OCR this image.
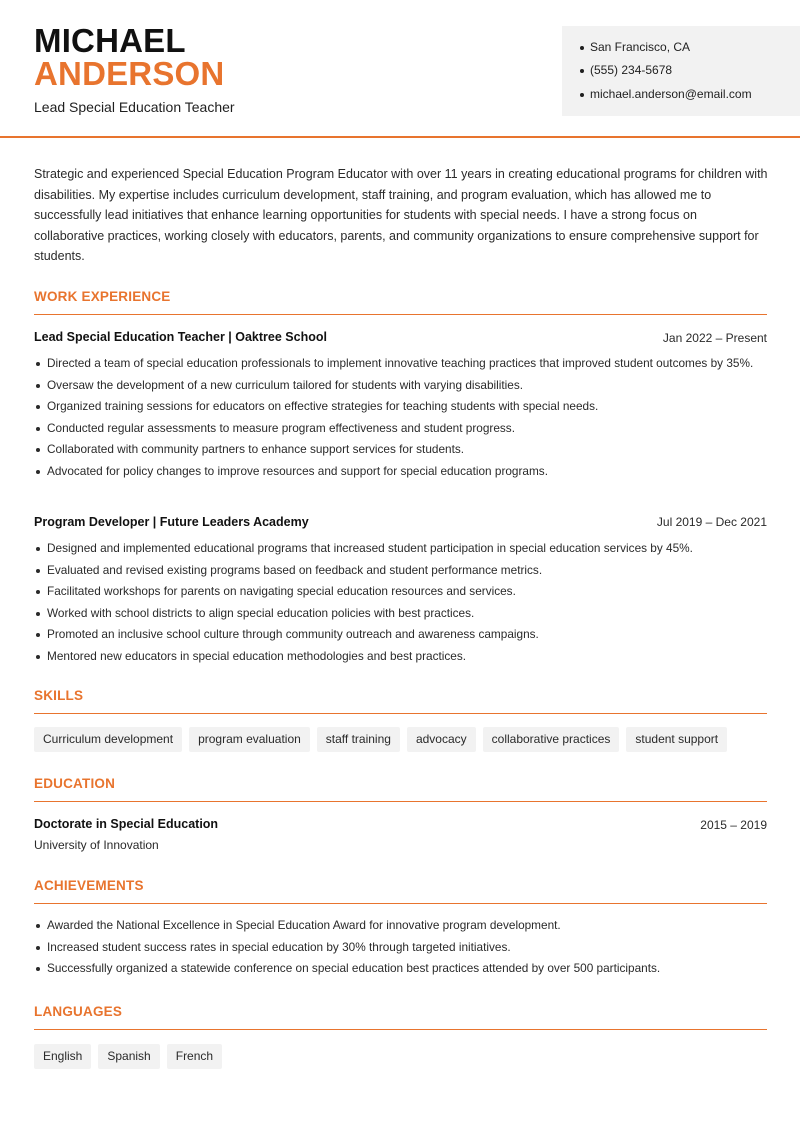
MICHAEL
ANDERSON
Lead Special Education Teacher
San Francisco, CA
(555) 234-5678
michael.anderson@email.com
Strategic and experienced Special Education Program Educator with over 11 years in creating educational programs for children with disabilities. My expertise includes curriculum development, staff training, and program evaluation, which has allowed me to successfully lead initiatives that enhance learning opportunities for students with special needs. I have a strong focus on collaborative practices, working closely with educators, parents, and community organizations to ensure comprehensive support for students.
WORK EXPERIENCE
Lead Special Education Teacher | Oaktree School	Jan 2022 – Present
Directed a team of special education professionals to implement innovative teaching practices that improved student outcomes by 35%.
Oversaw the development of a new curriculum tailored for students with varying disabilities.
Organized training sessions for educators on effective strategies for teaching students with special needs.
Conducted regular assessments to measure program effectiveness and student progress.
Collaborated with community partners to enhance support services for students.
Advocated for policy changes to improve resources and support for special education programs.
Program Developer | Future Leaders Academy	Jul 2019 – Dec 2021
Designed and implemented educational programs that increased student participation in special education services by 45%.
Evaluated and revised existing programs based on feedback and student performance metrics.
Facilitated workshops for parents on navigating special education resources and services.
Worked with school districts to align special education policies with best practices.
Promoted an inclusive school culture through community outreach and awareness campaigns.
Mentored new educators in special education methodologies and best practices.
SKILLS
Curriculum development	program evaluation	staff training	advocacy	collaborative practices	student support
EDUCATION
Doctorate in Special Education	2015 – 2019
University of Innovation
ACHIEVEMENTS
Awarded the National Excellence in Special Education Award for innovative program development.
Increased student success rates in special education by 30% through targeted initiatives.
Successfully organized a statewide conference on special education best practices attended by over 500 participants.
LANGUAGES
English	Spanish	French
